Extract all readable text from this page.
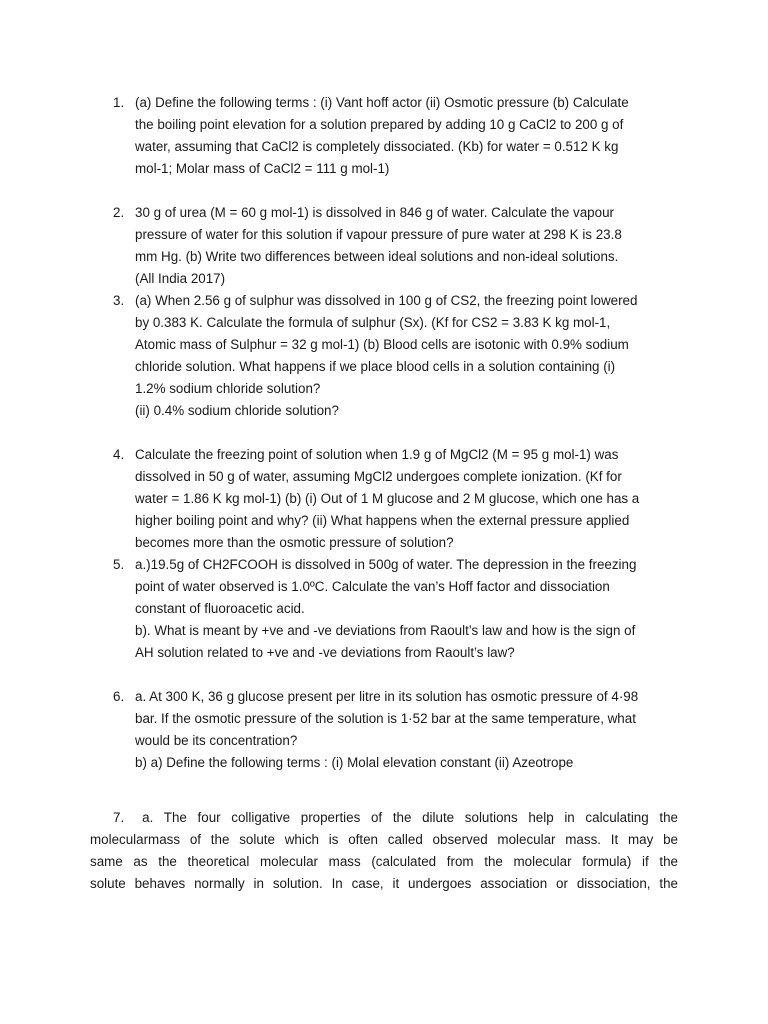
1. (a) Define the following terms : (i) Vant hoff actor (ii) Osmotic pressure (b) Calculate
the boiling point elevation for a solution prepared by adding 10 g CaCl2 to 200 g of
water, assuming that CaCl2 is completely dissociated. (Kb) for water = 0.512 K kg
mol-1; Molar mass of CaCl2 = 111 g mol-1)
2. 30 g of urea (M = 60 g mol-1) is dissolved in 846 g of water. Calculate the vapour
pressure of water for this solution if vapour pressure of pure water at 298 K is 23.8
mm Hg. (b) Write two differences between ideal solutions and non-ideal solutions.
(All India 2017)
3. (a) When 2.56 g of sulphur was dissolved in 100 g of CS2, the freezing point lowered
by 0.383 K. Calculate the formula of sulphur (Sx). (Kf for CS2 = 3.83 K kg mol-1,
Atomic mass of Sulphur = 32 g mol-1) (b) Blood cells are isotonic with 0.9% sodium
chloride solution. What happens if we place blood cells in a solution containing (i)
1.2% sodium chloride solution?
(ii) 0.4% sodium chloride solution?
4. Calculate the freezing point of solution when 1.9 g of MgCl2 (M = 95 g mol-1) was
dissolved in 50 g of water, assuming MgCl2 undergoes complete ionization. (Kf for
water = 1.86 K kg mol-1) (b) (i) Out of 1 M glucose and 2 M glucose, which one has a
higher boiling point and why? (ii) What happens when the external pressure applied
becomes more than the osmotic pressure of solution?
5. a.)19.5g of CH2FCOOH is dissolved in 500g of water. The depression in the freezing
point of water observed is 1.0ºC. Calculate the van’s Hoff factor and dissociation
constant of fluoroacetic acid.
b). What is meant by +ve and -ve deviations from Raoult’s law and how is the sign of
AH solution related to +ve and -ve deviations from Raoult’s law?
6. a. At 300 K, 36 g glucose present per litre in its solution has osmotic pressure of 4·98
bar. If the osmotic pressure of the solution is 1·52 bar at the same temperature, what
would be its concentration?
b) a) Define the following terms : (i) Molal elevation constant (ii) Azeotrope
7. a. The four colligative properties of the dilute solutions help in calculating the
molecularmass of the solute which is often called observed molecular mass. It may be
same as the theoretical molecular mass (calculated from the molecular formula) if the
solute behaves normally in solution. In case, it undergoes association or dissociation, the
